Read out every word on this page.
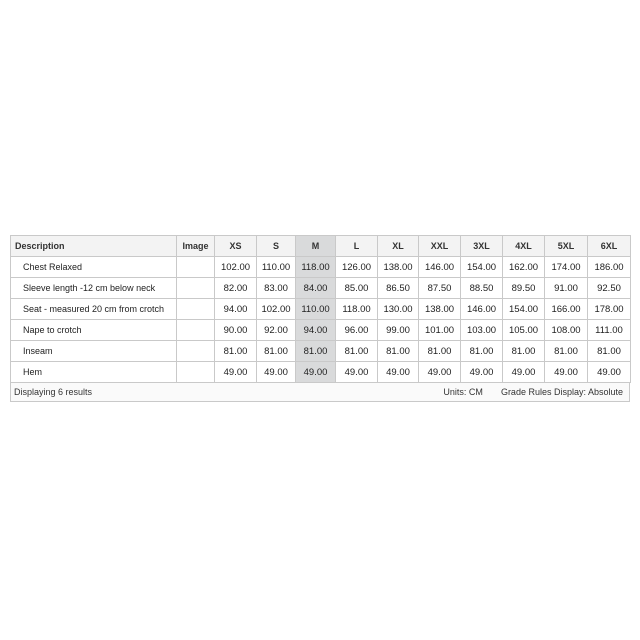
Description	Image	XS	S	M	L	XL	XXL	3XL	4XL	5XL	6XL
Chest Relaxed		102.00	110.00	118.00	126.00	138.00	146.00	154.00	162.00	174.00	186.00
Sleeve length -12 cm below neck		82.00	83.00	84.00	85.00	86.50	87.50	88.50	89.50	91.00	92.50
Seat - measured 20 cm from crotch		94.00	102.00	110.00	118.00	130.00	138.00	146.00	154.00	166.00	178.00
Nape to crotch		90.00	92.00	94.00	96.00	99.00	101.00	103.00	105.00	108.00	111.00
Inseam		81.00	81.00	81.00	81.00	81.00	81.00	81.00	81.00	81.00	81.00
Hem		49.00	49.00	49.00	49.00	49.00	49.00	49.00	49.00	49.00	49.00
Displaying 6 results	Units: CM Grade Rules Display: Absolute
